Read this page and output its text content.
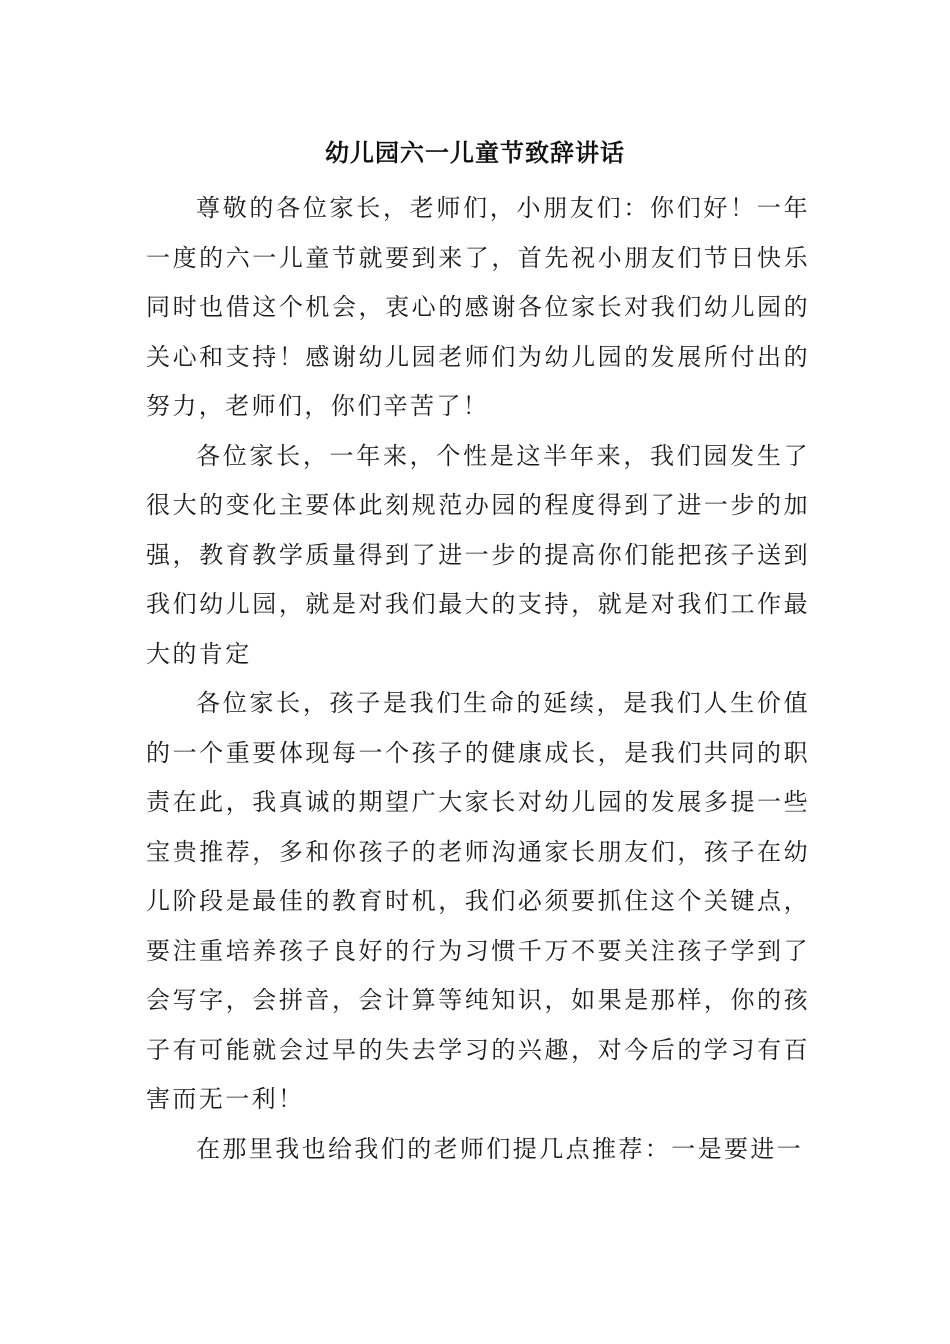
幼儿园六一儿童节致辞讲话

尊敬的各位家长，老师们，小朋友们：你们好！一年一度的六一儿童节就要到来了，首先祝小朋友们节日快乐同时也借这个机会，衷心的感谢各位家长对我们幼儿园的关心和支持！感谢幼儿园老师们为幼儿园的发展所付出的努力，老师们，你们辛苦了！

各位家长，一年来，个性是这半年来，我们园发生了很大的变化主要体此刻规范办园的程度得到了进一步的加强，教育教学质量得到了进一步的提高你们能把孩子送到我们幼儿园，就是对我们最大的支持，就是对我们工作最大的肯定

各位家长，孩子是我们生命的延续，是我们人生价值的一个重要体现每一个孩子的健康成长，是我们共同的职责在此，我真诚的期望广大家长对幼儿园的发展多提一些宝贵推荐，多和你孩子的老师沟通家长朋友们，孩子在幼儿阶段是最佳的教育时机，我们必须要抓住这个关键点，要注重培养孩子良好的行为习惯千万不要关注孩子学到了会写字，会拼音，会计算等纯知识，如果是那样，你的孩子有可能就会过早的失去学习的兴趣，对今后的学习有百害而无一利！

在那里我也给我们的老师们提几点推荐：一是要进一
